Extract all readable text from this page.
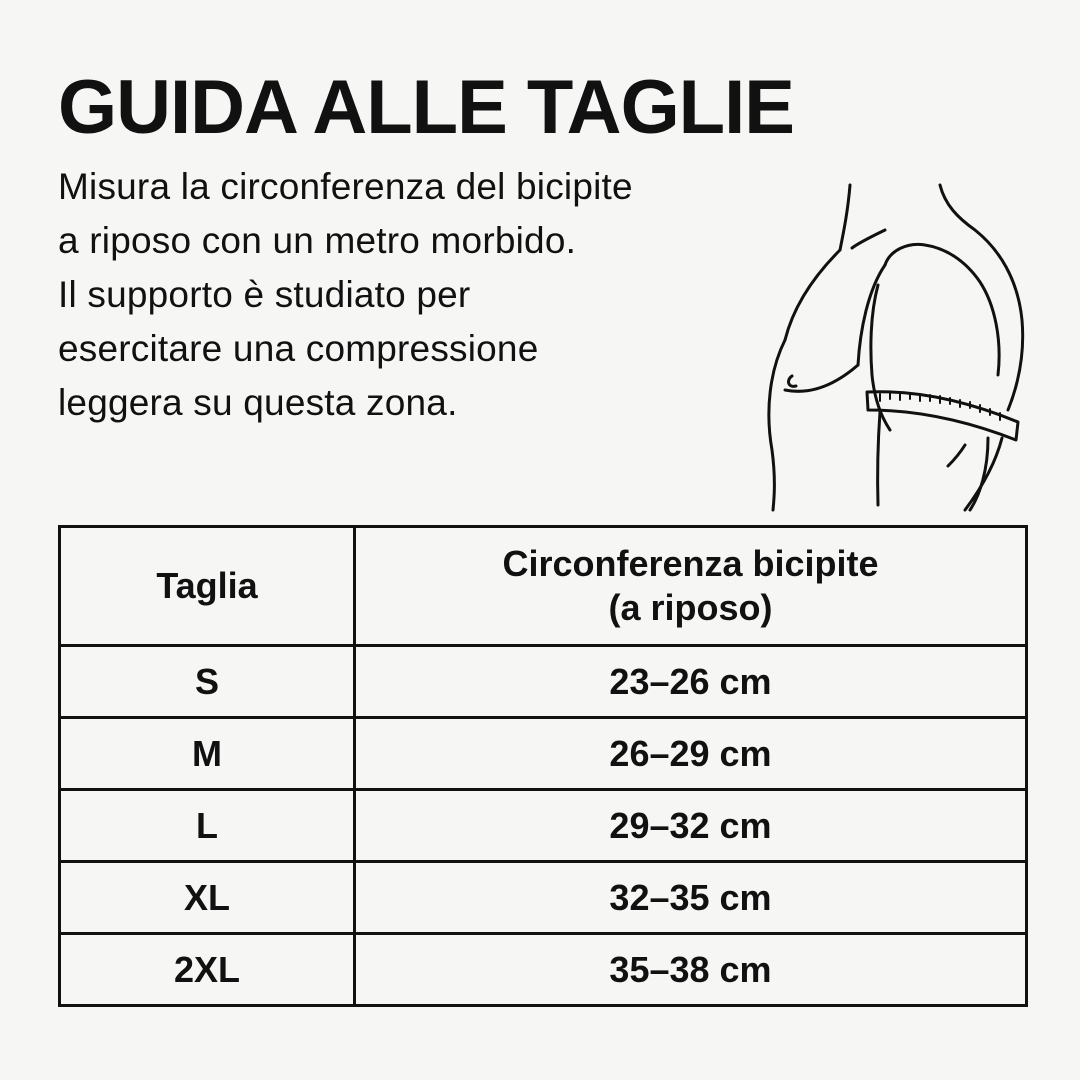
GUIDA ALLE TAGLIE

Misura la circonferenza del bicipite
a riposo con un metro morbido.
Il supporto è studiato per
esercitare una compressione
leggera su questa zona.

Taglia	Circonferenza bicipite
(a riposo)

S	23–26 cm
M	26–29 cm
L	29–32 cm
XL	32–35 cm
2XL	35–38 cm
